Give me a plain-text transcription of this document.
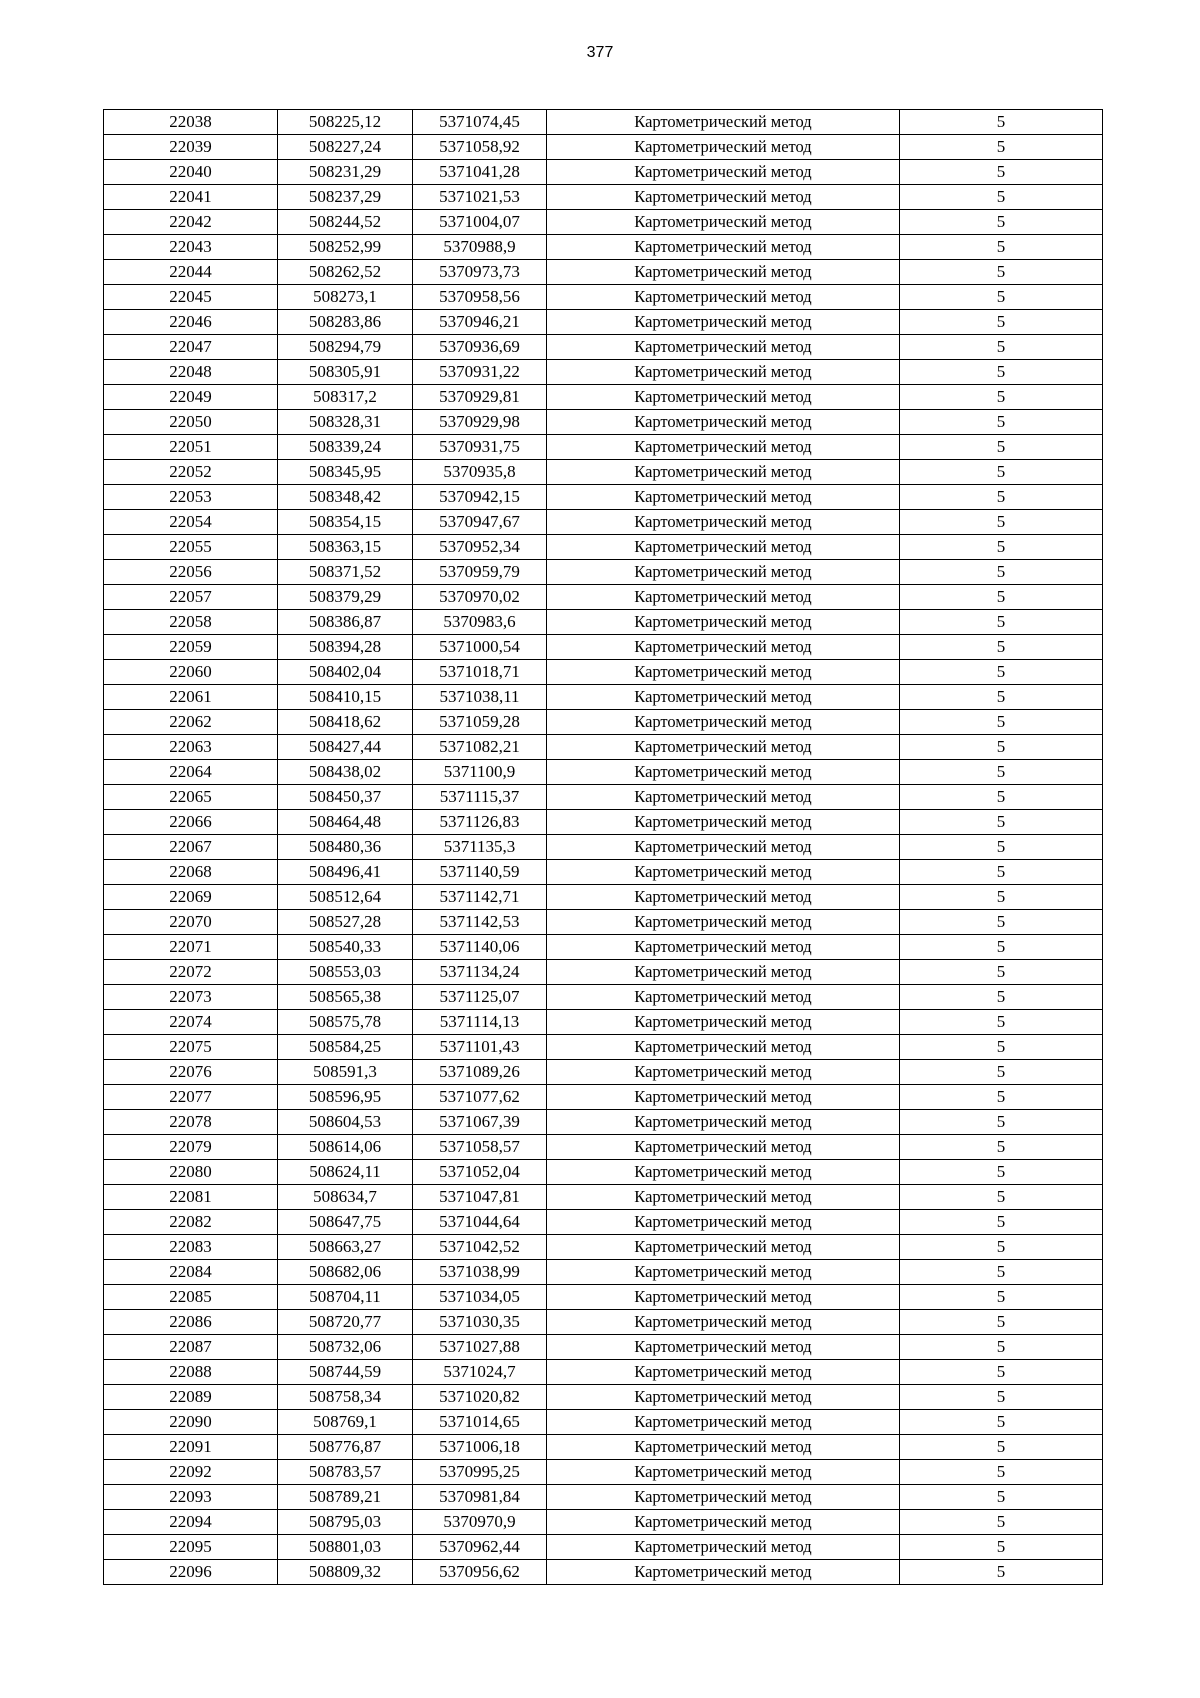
377
22038	508225,12	5371074,45	Картометрический метод	5
22039	508227,24	5371058,92	Картометрический метод	5
22040	508231,29	5371041,28	Картометрический метод	5
22041	508237,29	5371021,53	Картометрический метод	5
22042	508244,52	5371004,07	Картометрический метод	5
22043	508252,99	5370988,9	Картометрический метод	5
22044	508262,52	5370973,73	Картометрический метод	5
22045	508273,1	5370958,56	Картометрический метод	5
22046	508283,86	5370946,21	Картометрический метод	5
22047	508294,79	5370936,69	Картометрический метод	5
22048	508305,91	5370931,22	Картометрический метод	5
22049	508317,2	5370929,81	Картометрический метод	5
22050	508328,31	5370929,98	Картометрический метод	5
22051	508339,24	5370931,75	Картометрический метод	5
22052	508345,95	5370935,8	Картометрический метод	5
22053	508348,42	5370942,15	Картометрический метод	5
22054	508354,15	5370947,67	Картометрический метод	5
22055	508363,15	5370952,34	Картометрический метод	5
22056	508371,52	5370959,79	Картометрический метод	5
22057	508379,29	5370970,02	Картометрический метод	5
22058	508386,87	5370983,6	Картометрический метод	5
22059	508394,28	5371000,54	Картометрический метод	5
22060	508402,04	5371018,71	Картометрический метод	5
22061	508410,15	5371038,11	Картометрический метод	5
22062	508418,62	5371059,28	Картометрический метод	5
22063	508427,44	5371082,21	Картометрический метод	5
22064	508438,02	5371100,9	Картометрический метод	5
22065	508450,37	5371115,37	Картометрический метод	5
22066	508464,48	5371126,83	Картометрический метод	5
22067	508480,36	5371135,3	Картометрический метод	5
22068	508496,41	5371140,59	Картометрический метод	5
22069	508512,64	5371142,71	Картометрический метод	5
22070	508527,28	5371142,53	Картометрический метод	5
22071	508540,33	5371140,06	Картометрический метод	5
22072	508553,03	5371134,24	Картометрический метод	5
22073	508565,38	5371125,07	Картометрический метод	5
22074	508575,78	5371114,13	Картометрический метод	5
22075	508584,25	5371101,43	Картометрический метод	5
22076	508591,3	5371089,26	Картометрический метод	5
22077	508596,95	5371077,62	Картометрический метод	5
22078	508604,53	5371067,39	Картометрический метод	5
22079	508614,06	5371058,57	Картометрический метод	5
22080	508624,11	5371052,04	Картометрический метод	5
22081	508634,7	5371047,81	Картометрический метод	5
22082	508647,75	5371044,64	Картометрический метод	5
22083	508663,27	5371042,52	Картометрический метод	5
22084	508682,06	5371038,99	Картометрический метод	5
22085	508704,11	5371034,05	Картометрический метод	5
22086	508720,77	5371030,35	Картометрический метод	5
22087	508732,06	5371027,88	Картометрический метод	5
22088	508744,59	5371024,7	Картометрический метод	5
22089	508758,34	5371020,82	Картометрический метод	5
22090	508769,1	5371014,65	Картометрический метод	5
22091	508776,87	5371006,18	Картометрический метод	5
22092	508783,57	5370995,25	Картометрический метод	5
22093	508789,21	5370981,84	Картометрический метод	5
22094	508795,03	5370970,9	Картометрический метод	5
22095	508801,03	5370962,44	Картометрический метод	5
22096	508809,32	5370956,62	Картометрический метод	5
